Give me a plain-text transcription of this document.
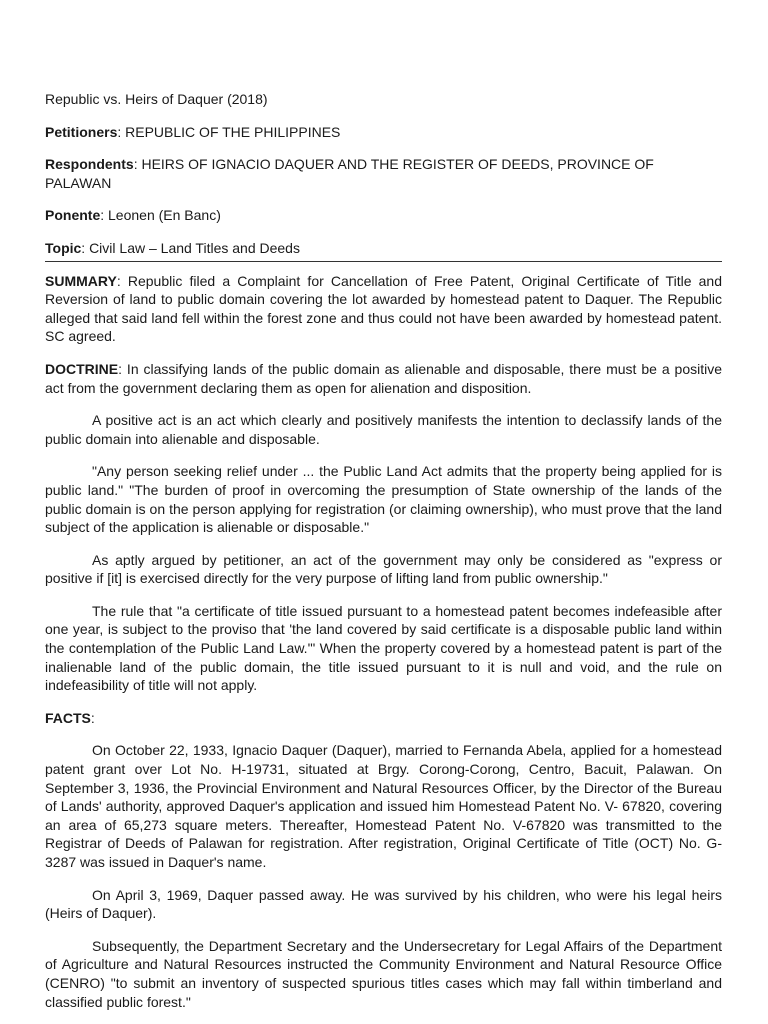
Republic vs. Heirs of Daquer (2018)
Petitioners: REPUBLIC OF THE PHILIPPINES
Respondents: HEIRS OF IGNACIO DAQUER AND THE REGISTER OF DEEDS, PROVINCE OF PALAWAN
Ponente: Leonen (En Banc)
Topic: Civil Law – Land Titles and Deeds

SUMMARY: Republic filed a Complaint for Cancellation of Free Patent, Original Certificate of Title and Reversion of land to public domain covering the lot awarded by homestead patent to Daquer. The Republic alleged that said land fell within the forest zone and thus could not have been awarded by homestead patent. SC agreed.

DOCTRINE: In classifying lands of the public domain as alienable and disposable, there must be a positive act from the government declaring them as open for alienation and disposition.

A positive act is an act which clearly and positively manifests the intention to declassify lands of the public domain into alienable and disposable.

"Any person seeking relief under ... the Public Land Act admits that the property being applied for is public land." "The burden of proof in overcoming the presumption of State ownership of the lands of the public domain is on the person applying for registration (or claiming ownership), who must prove that the land subject of the application is alienable or disposable."

As aptly argued by petitioner, an act of the government may only be considered as "express or positive if [it] is exercised directly for the very purpose of lifting land from public ownership."

The rule that "a certificate of title issued pursuant to a homestead patent becomes indefeasible after one year, is subject to the proviso that 'the land covered by said certificate is a disposable public land within the contemplation of the Public Land Law.'" When the property covered by a homestead patent is part of the inalienable land of the public domain, the title issued pursuant to it is null and void, and the rule on indefeasibility of title will not apply.

FACTS:

On October 22, 1933, Ignacio Daquer (Daquer), married to Fernanda Abela, applied for a homestead patent grant over Lot No. H-19731, situated at Brgy. Corong-Corong, Centro, Bacuit, Palawan. On September 3, 1936, the Provincial Environment and Natural Resources Officer, by the Director of the Bureau of Lands' authority, approved Daquer's application and issued him Homestead Patent No. V- 67820, covering an area of 65,273 square meters. Thereafter, Homestead Patent No. V-67820 was transmitted to the Registrar of Deeds of Palawan for registration. After registration, Original Certificate of Title (OCT) No. G- 3287 was issued in Daquer's name.

On April 3, 1969, Daquer passed away. He was survived by his children, who were his legal heirs (Heirs of Daquer).

Subsequently, the Department Secretary and the Undersecretary for Legal Affairs of the Department of Agriculture and Natural Resources instructed the Community Environment and Natural Resource Office (CENRO) "to submit an inventory of suspected spurious titles cases which may fall within timberland and classified public forest."
